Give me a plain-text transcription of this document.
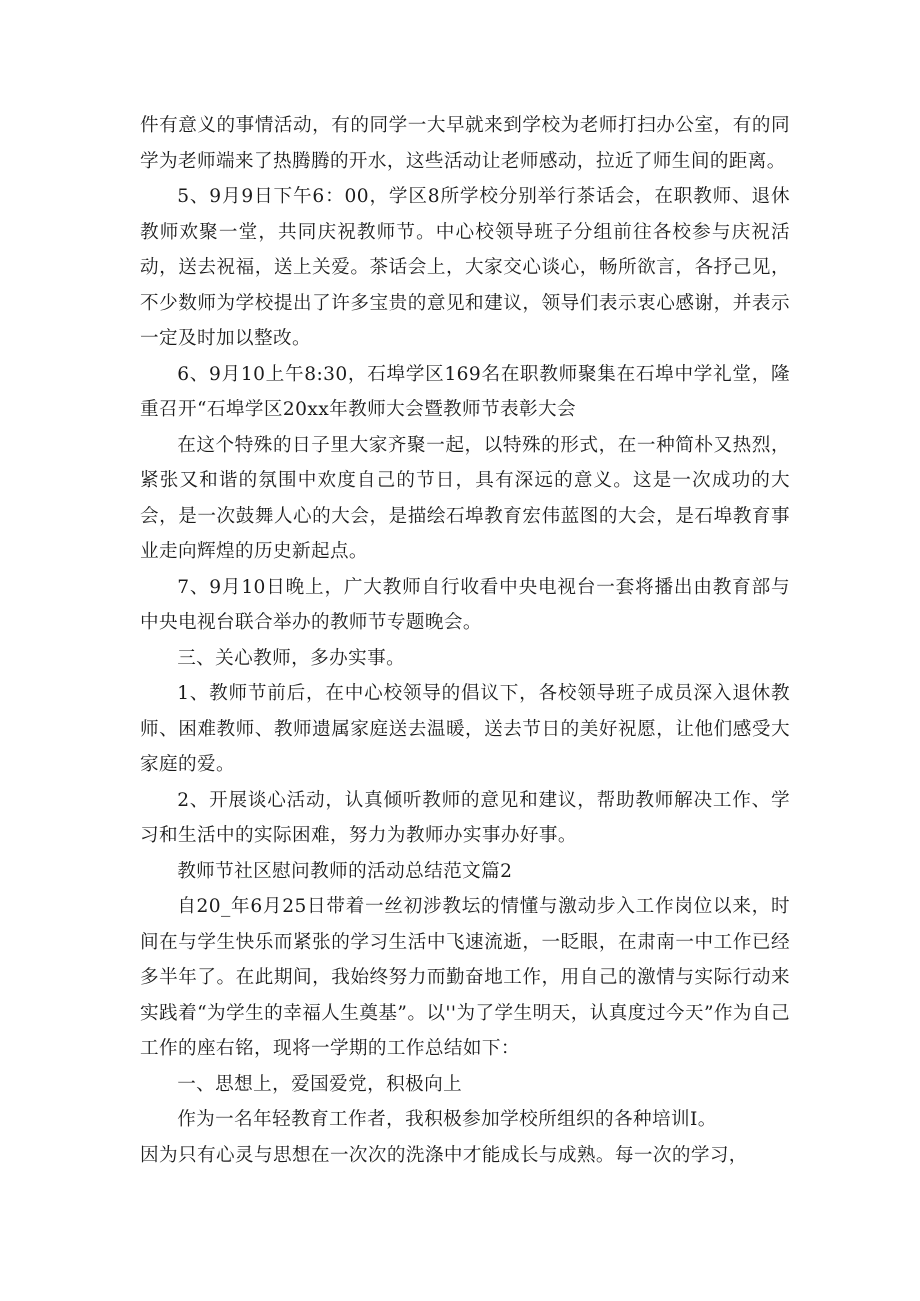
件有意义的事情活动，有的同学一大早就来到学校为老师打扫办公室，有的同学为老师端来了热腾腾的开水，这些活动让老师感动，拉近了师生间的距离。

5、9月9日下午6：00，学区8所学校分别举行茶话会，在职教师、退休教师欢聚一堂，共同庆祝教师节。中心校领导班子分组前往各校参与庆祝活动，送去祝福，送上关爱。茶话会上，大家交心谈心，畅所欲言，各抒己见，不少数师为学校提出了许多宝贵的意见和建议，领导们表示衷心感谢，并表示一定及时加以整改。

6、9月10上午8:30，石埠学区169名在职教师聚集在石埠中学礼堂，隆重召开“石埠学区20xx年教师大会暨教师节表彰大会

在这个特殊的日子里大家齐聚一起，以特殊的形式，在一种简朴又热烈，紧张又和谐的氛围中欢度自己的节日，具有深远的意义。这是一次成功的大会，是一次鼓舞人心的大会，是描绘石埠教育宏伟蓝图的大会，是石埠教育事业走向辉煌的历史新起点。

7、9月10日晚上，广大教师自行收看中央电视台一套将播出由教育部与中央电视台联合举办的教师节专题晚会。

三、关心教师，多办实事。

1、教师节前后，在中心校领导的倡议下，各校领导班子成员深入退休教师、困难教师、教师遗属家庭送去温暖，送去节日的美好祝愿，让他们感受大家庭的爱。

2、开展谈心活动，认真倾听教师的意见和建议，帮助教师解决工作、学习和生活中的实际困难，努力为教师办实事办好事。

教师节社区慰问教师的活动总结范文篇2

自20_年6月25日带着一丝初涉教坛的情懂与激动步入工作岗位以来，时间在与学生快乐而紧张的学习生活中飞速流逝，一眨眼，在肃南一中工作已经多半年了。在此期间，我始终努力而勤奋地工作，用自己的激情与实际行动来实践着“为学生的幸福人生奠基”。以''为了学生明天，认真度过今天”作为自己工作的座右铭，现将一学期的工作总结如下：

一、思想上，爱国爱党，积极向上

作为一名年轻教育工作者，我积极参加学校所组织的各种培训I。

因为只有心灵与思想在一次次的洗涤中才能成长与成熟。每一次的学习，
